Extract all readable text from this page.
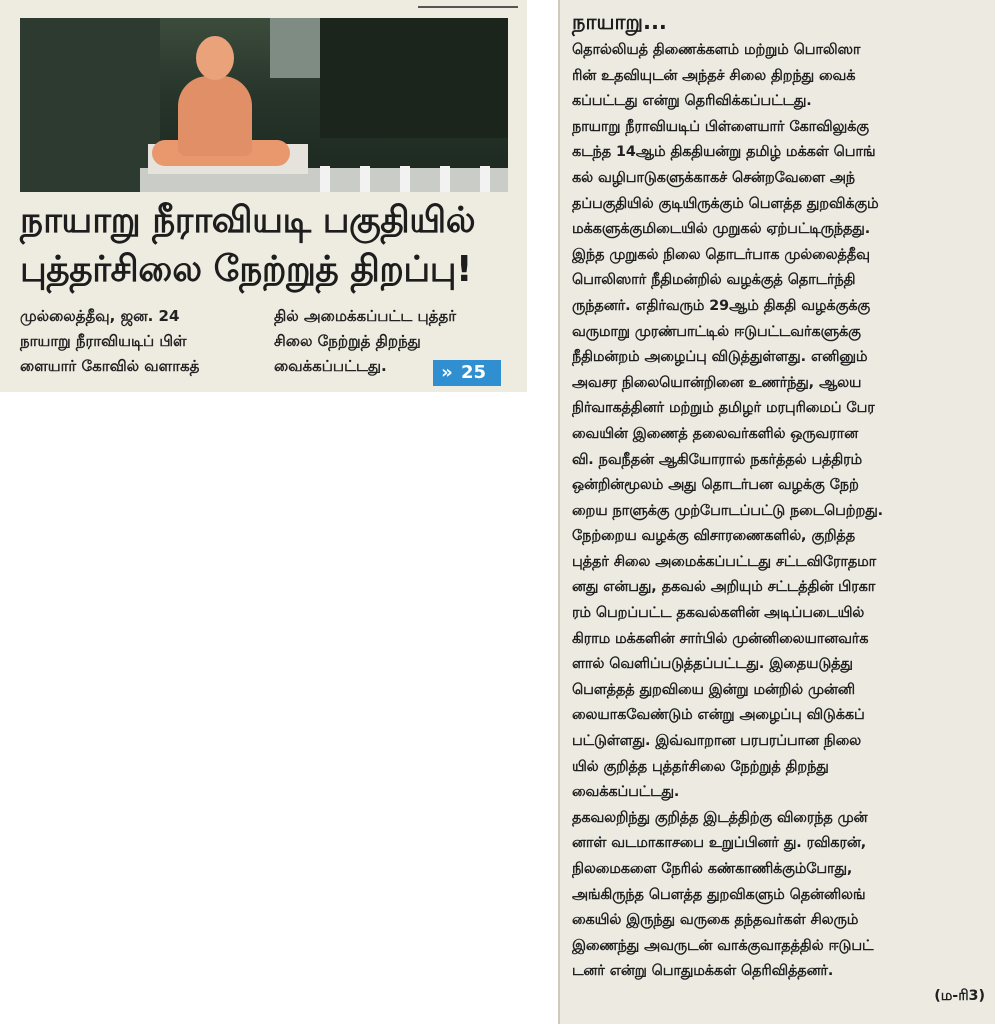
நாயாறு நீராவியடி பகுதியில்

புத்தர்சிலை நேற்றுத் திறப்பு!

முல்லைத்தீவு, ஜன. 24
நாயாறு நீராவியடிப் பிள்
ளையார் கோவில் வளாகத்

தில் அமைக்கப்பட்ட புத்தர்
சிலை நேற்றுத் திறந்து
வைக்கப்பட்டது.	» 25

நாயாறு...

தொல்லியத் திணைக்களம் மற்றும் பொலிஸா
ரின் உதவியுடன் அந்தச் சிலை திறந்து வைக்
கப்பட்டது என்று தெரிவிக்கப்பட்டது.
நாயாறு நீராவியடிப் பிள்ளையார் கோவிலுக்கு
கடந்த 14ஆம் திகதியன்று தமிழ் மக்கள் பொங்
கல் வழிபாடுகளுக்காகச் சென்றவேளை அந்
தப்பகுதியில் குடியிருக்கும் பௌத்த துறவிக்கும்
மக்களுக்குமிடையில் முறுகல் ஏற்பட்டிருந்தது.
இந்த முறுகல் நிலை தொடர்பாக முல்லைத்தீவு
பொலிஸார் நீதிமன்றில் வழக்குத் தொடர்ந்தி
ருந்தனர். எதிர்வரும் 29ஆம் திகதி வழக்குக்கு
வருமாறு முரண்பாட்டில் ஈடுபட்டவர்களுக்கு
நீதிமன்றம் அழைப்பு விடுத்துள்ளது. எனினும்
அவசர நிலையொன்றினை உணர்ந்து, ஆலய
நிர்வாகத்தினர் மற்றும் தமிழர் மரபுரிமைப் பேர
வையின் இணைத் தலைவர்களில் ஒருவரான
வி. நவநீதன் ஆகியோரால் நகர்த்தல் பத்திரம்
ஒன்றின்மூலம் அது தொடர்பன வழக்கு நேற்
றைய நாளுக்கு முற்போடப்பட்டு நடைபெற்றது.
நேற்றைய வழக்கு விசாரணைகளில், குறித்த
புத்தர் சிலை அமைக்கப்பட்டது சட்டவிரோதமா
னது என்பது, தகவல் அறியும் சட்டத்தின் பிரகா
ரம் பெறப்பட்ட தகவல்களின் அடிப்படையில்
கிராம மக்களின் சார்பில் முன்னிலையானவர்க
ளால் வெளிப்படுத்தப்பட்டது. இதையடுத்து
பௌத்தத் துறவியை இன்று மன்றில் முன்னி
லையாகவேண்டும் என்று அழைப்பு விடுக்கப்
பட்டுள்ளது. இவ்வாறான பரபரப்பான நிலை
யில் குறித்த புத்தர்சிலை நேற்றுத் திறந்து
வைக்கப்பட்டது.
தகவலறிந்து குறித்த இடத்திற்கு விரைந்த முன்
னாள் வடமாகாசபை உறுப்பினர் து. ரவிகரன்,
நிலமைகளை நேரில் கண்காணிக்கும்போது,
அங்கிருந்த பௌத்த துறவிகளும் தென்னிலங்
கையில் இருந்து வருகை தந்தவர்கள் சிலரும்
இணைந்து அவருடன் வாக்குவாதத்தில் ஈடுபட்
டனர் என்று பொதுமக்கள் தெரிவித்தனர்.

(ம-ரி3)
